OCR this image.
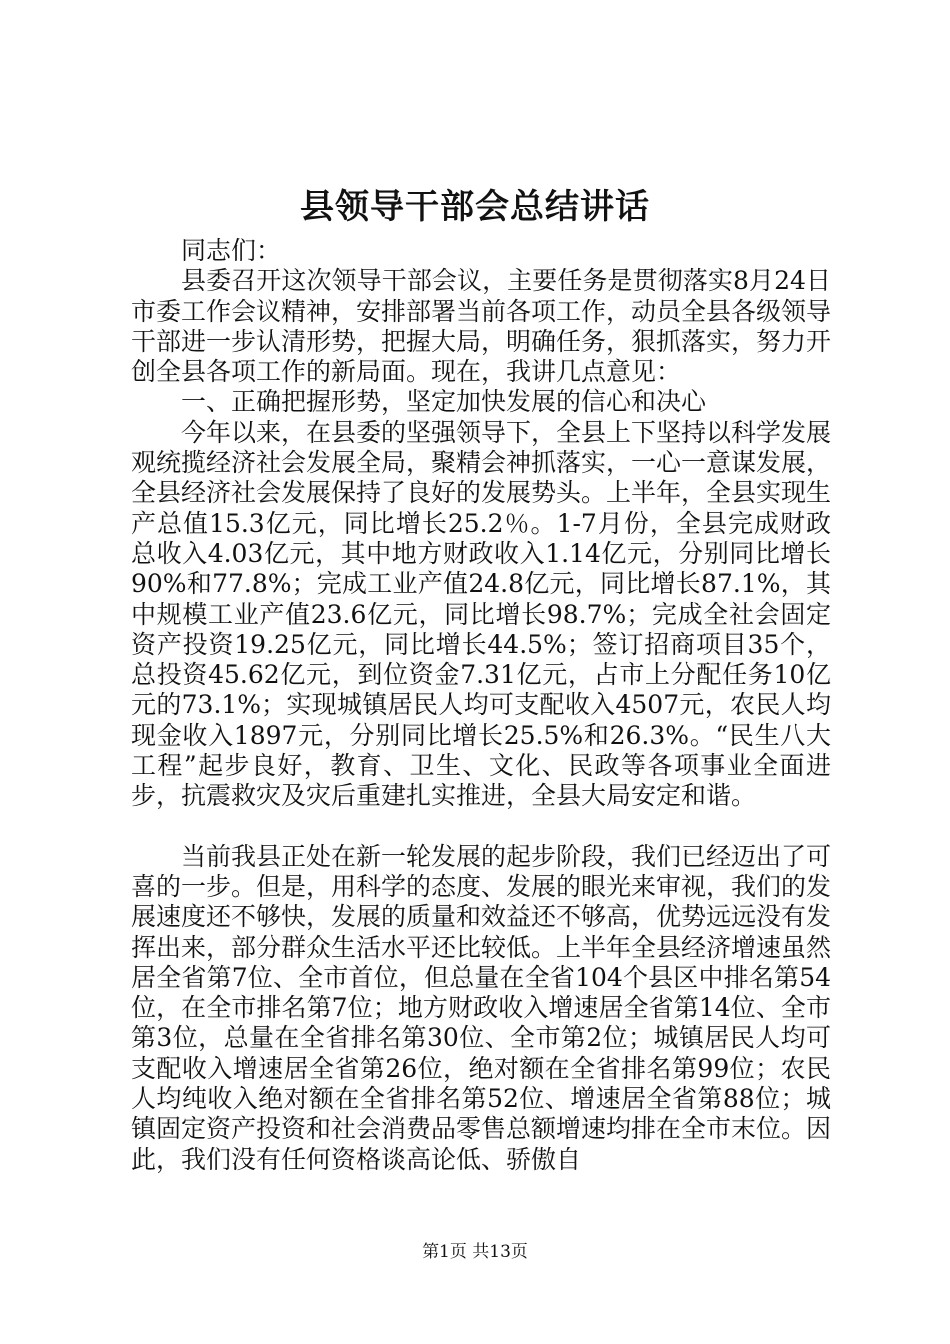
县领导干部会总结讲话

同志们：

县委召开这次领导干部会议，主要任务是贯彻落实8月24日市委工作会议精神，安排部署当前各项工作，动员全县各级领导干部进一步认清形势，把握大局，明确任务，狠抓落实，努力开创全县各项工作的新局面。现在，我讲几点意见：

一、正确把握形势，坚定加快发展的信心和决心

今年以来，在县委的坚强领导下，全县上下坚持以科学发展观统揽经济社会发展全局，聚精会神抓落实，一心一意谋发展，全县经济社会发展保持了良好的发展势头。上半年，全县实现生产总值15.3亿元，同比增长25.2％。1-7月份，全县完成财政总收入4.03亿元，其中地方财政收入1.14亿元，分别同比增长90%和77.8%；完成工业产值24.8亿元，同比增长87.1%，其中规模工业产值23.6亿元，同比增长98.7%；完成全社会固定资产投资19.25亿元，同比增长44.5%；签订招商项目35个，总投资45.62亿元，到位资金7.31亿元，占市上分配任务10亿元的73.1%；实现城镇居民人均可支配收入4507元，农民人均现金收入1897元，分别同比增长25.5%和26.3%。“民生八大工程”起步良好，教育、卫生、文化、民政等各项事业全面进步，抗震救灾及灾后重建扎实推进，全县大局安定和谐。

当前我县正处在新一轮发展的起步阶段，我们已经迈出了可喜的一步。但是，用科学的态度、发展的眼光来审视，我们的发展速度还不够快，发展的质量和效益还不够高，优势远远没有发挥出来，部分群众生活水平还比较低。上半年全县经济增速虽然居全省第7位、全市首位，但总量在全省104个县区中排名第54位，在全市排名第7位；地方财政收入增速居全省第14位、全市第3位，总量在全省排名第30位、全市第2位；城镇居民人均可支配收入增速居全省第26位，绝对额在全省排名第99位；农民人均纯收入绝对额在全省排名第52位、增速居全省第88位；城镇固定资产投资和社会消费品零售总额增速均排在全市末位。因此，我们没有任何资格谈高论低、骄傲自

第1页 共13页
